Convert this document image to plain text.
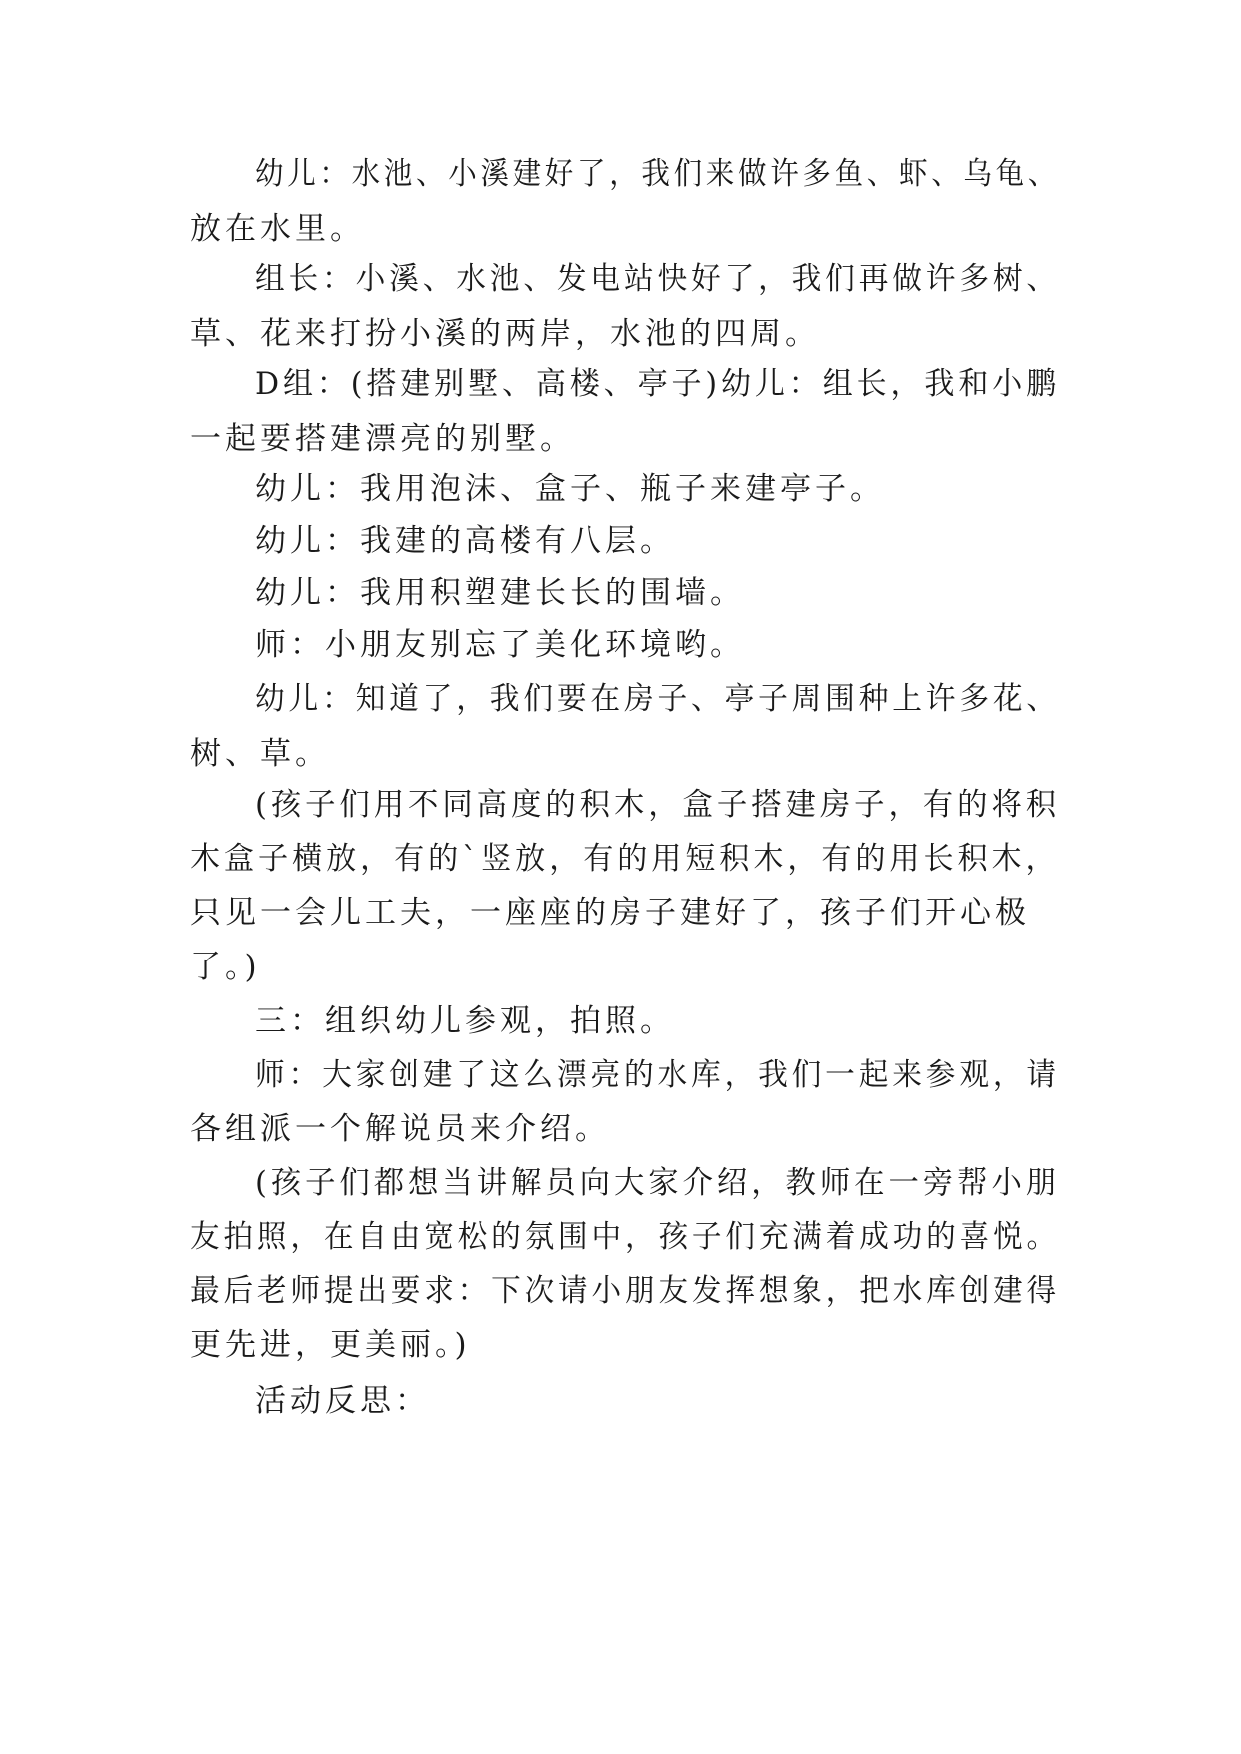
幼儿：水池、小溪建好了，我们来做许多鱼、虾、乌龟、
放在水里。
组长：小溪、水池、发电站快好了，我们再做许多树、
草、花来打扮小溪的两岸，水池的四周。
D组：(搭建别墅、高楼、亭子)幼儿：组长，我和小鹏
一起要搭建漂亮的别墅。
幼儿：我用泡沫、盒子、瓶子来建亭子。
幼儿：我建的高楼有八层。
幼儿：我用积塑建长长的围墙。
师：小朋友别忘了美化环境哟。
幼儿：知道了，我们要在房子、亭子周围种上许多花、
树、草。
(孩子们用不同高度的积木，盒子搭建房子，有的将积
木盒子横放，有的`竖放，有的用短积木，有的用长积木，
只见一会儿工夫，一座座的房子建好了，孩子们开心极
了。)
三：组织幼儿参观，拍照。
师：大家创建了这么漂亮的水库，我们一起来参观，请
各组派一个解说员来介绍。
(孩子们都想当讲解员向大家介绍，教师在一旁帮小朋
友拍照，在自由宽松的氛围中，孩子们充满着成功的喜悦。
最后老师提出要求：下次请小朋友发挥想象，把水库创建得
更先进，更美丽。)
活动反思：
